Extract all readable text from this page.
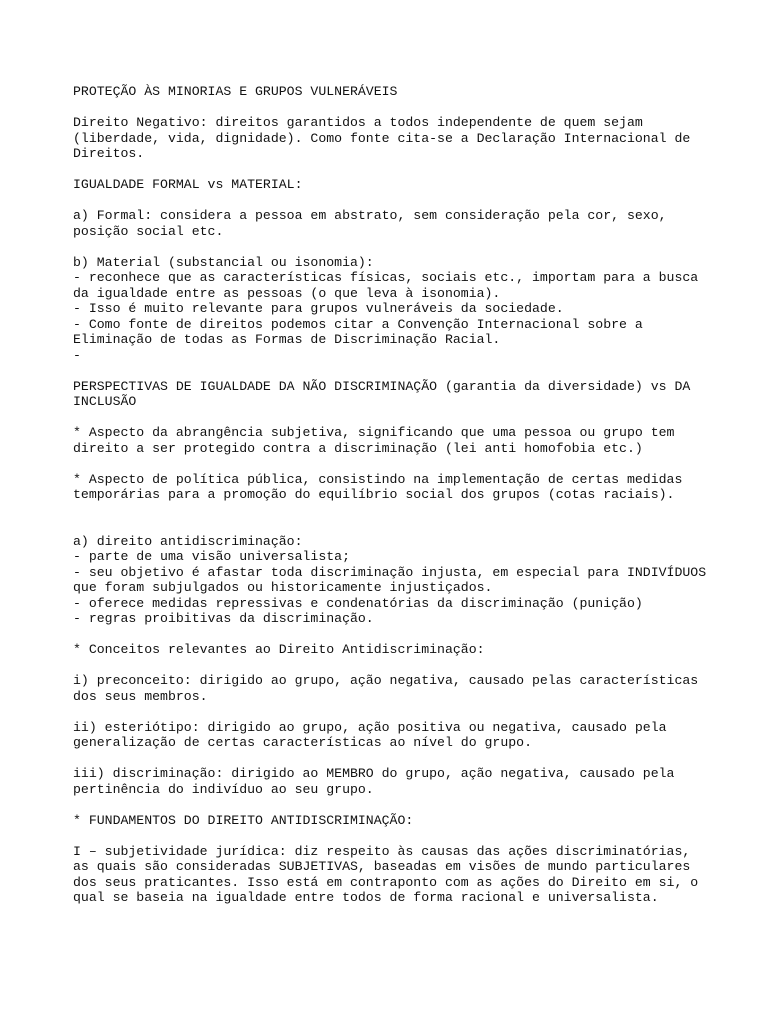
PROTEÇÃO ÀS MINORIAS E GRUPOS VULNERÁVEIS
Direito Negativo: direitos garantidos a todos independente de quem sejam
(liberdade, vida, dignidade). Como fonte cita-se a Declaração Internacional de
Direitos.
IGUALDADE FORMAL vs MATERIAL:
a) Formal: considera a pessoa em abstrato, sem consideração pela cor, sexo,
posição social etc.
b) Material (substancial ou isonomia):
- reconhece que as características físicas, sociais etc., importam para a busca
da igualdade entre as pessoas (o que leva à isonomia).
- Isso é muito relevante para grupos vulneráveis da sociedade.
- Como fonte de direitos podemos citar a Convenção Internacional sobre a
Eliminação de todas as Formas de Discriminação Racial.
-
PERSPECTIVAS DE IGUALDADE DA NÃO DISCRIMINAÇÃO (garantia da diversidade) vs DA
INCLUSÃO
* Aspecto da abrangência subjetiva, significando que uma pessoa ou grupo tem
direito a ser protegido contra a discriminação (lei anti homofobia etc.)
* Aspecto de política pública, consistindo na implementação de certas medidas
temporárias para a promoção do equilíbrio social dos grupos (cotas raciais).
a) direito antidiscriminação:
- parte de uma visão universalista;
- seu objetivo é afastar toda discriminação injusta, em especial para INDIVÍDUOS
que foram subjulgados ou historicamente injustiçados.
- oferece medidas repressivas e condenatórias da discriminação (punição)
- regras proibitivas da discriminação.
* Conceitos relevantes ao Direito Antidiscriminação:
i) preconceito: dirigido ao grupo, ação negativa, causado pelas características
dos seus membros.
ii) esteriótipo: dirigido ao grupo, ação positiva ou negativa, causado pela
generalização de certas características ao nível do grupo.
iii) discriminação: dirigido ao MEMBRO do grupo, ação negativa, causado pela
pertinência do indivíduo ao seu grupo.
* FUNDAMENTOS DO DIREITO ANTIDISCRIMINAÇÃO:
I – subjetividade jurídica: diz respeito às causas das ações discriminatórias,
as quais são consideradas SUBJETIVAS, baseadas em visões de mundo particulares
dos seus praticantes. Isso está em contraponto com as ações do Direito em si, o
qual se baseia na igualdade entre todos de forma racional e universalista.
